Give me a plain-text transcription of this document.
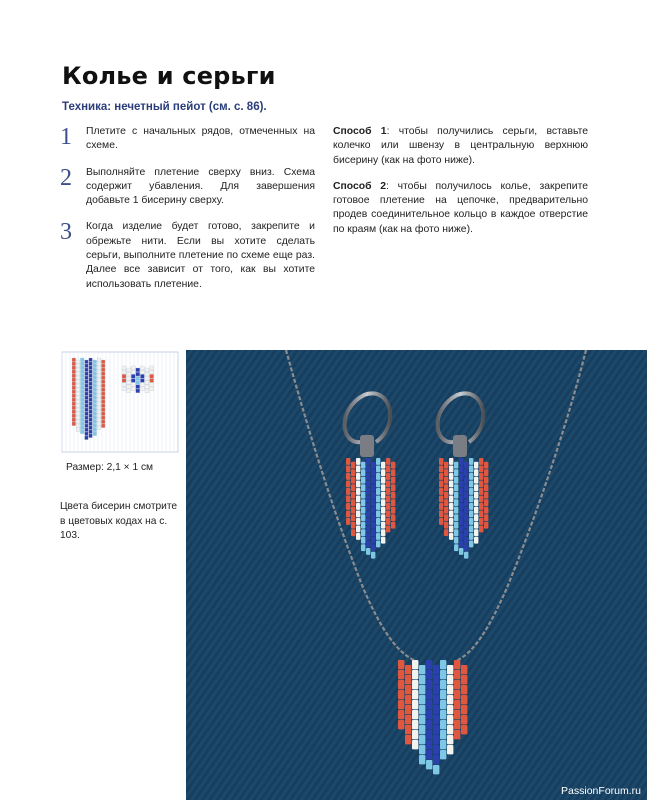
Колье и серьги
Техника: нечетный пейот (см. с. 86).
1 Плетите с начальных рядов, отмеченных на схеме.
2 Выполняйте плетение сверху вниз. Схема содержит убавления. Для завершения добавьте 1 бисерину сверху.
3 Когда изделие будет готово, закрепите и обрежьте нити. Если вы хотите сделать серьги, выполните плетение по схеме еще раз. Далее все зависит от того, как вы хотите использовать плетение.

Способ 1: чтобы получились серьги, вставьте колечко или швензу в центральную верхнюю бисерину (как на фото ниже).

Способ 2: чтобы получилось колье, закрепите готовое плетение на цепочке, предварительно продев соединительное кольцо в каждое отверстие по краям (как на фото ниже).

Размер: 2,1 × 1 см
Цвета бисерин смотрите в цветовых кодах на с. 103.
PassionForum.ru
